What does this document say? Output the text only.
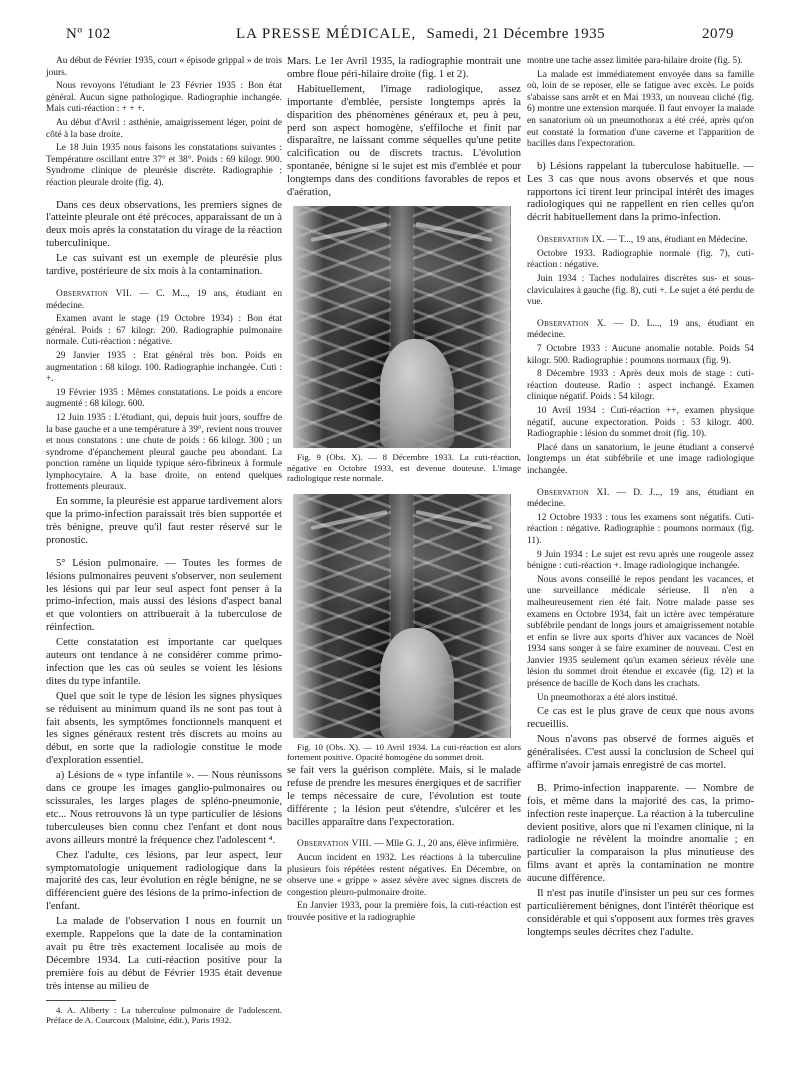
Nº 102	LA PRESSE MÉDICALE, Samedi, 21 Décembre 1935	2079

Au début de Février 1935, court « épisode grippal » de trois jours.

Nous revoyons l'étudiant le 23 Février 1935 : Bon état général. Aucun signe pathologique. Radiographie inchangée. Mais cuti-réaction : + + +.

Au début d'Avril : asthénie, amaigrissement léger, point de côté à la base droite.

Le 18 Juin 1935 nous faisons les constatations suivantes : Température oscillant entre 37° et 38°. Poids : 69 kilogr. 900. Syndrome clinique de pleurésie discrète. Radiographie : réaction pleurale droite (fig. 4).

Dans ces deux observations, les premiers signes de l'atteinte pleurale ont été précoces, apparaissant de un à deux mois après la constatation du virage de la réaction tuberculinique.

Le cas suivant est un exemple de pleurésie plus tardive, postérieure de six mois à la contamination.

Observation VII. — C. M..., 19 ans, étudiant en médecine.

Examen avant le stage (19 Octobre 1934) : Bon état général. Poids : 67 kilogr. 200. Radiographie pulmonaire normale. Cuti-réaction : négative.

29 Janvier 1935 : Etat général très bon. Poids en augmentation : 68 kilogr. 100. Radiographie inchangée. Cuti : +.

19 Février 1935 : Mêmes constatations. Le poids a encore augmenté : 68 kilogr. 600.

12 Juin 1935 : L'étudiant, qui, depuis huit jours, souffre de la base gauche et a une température à 39°, revient nous trouver et nous constatons : une chute de poids : 66 kilogr. 300 ; un syndrome d'épanchement pleural gauche peu abondant. La ponction ramène un liquide typique séro-fibrineux à formule lymphocytaire. A la base droite, on entend quelques frottements pleuraux.

En somme, la pleurésie est apparue tardivement alors que la primo-infection paraissait très bien supportée et très bénigne, preuve qu'il faut rester réservé sur le pronostic.

5° Lésion pulmonaire. — Toutes les formes de lésions pulmonaires peuvent s'observer, non seulement les lésions qui par leur seul aspect font penser à la primo-infection, mais aussi des lésions d'aspect banal et que volontiers on attribuerait à la tuberculose de réinfection.

Cette constatation est importante car quelques auteurs ont tendance à ne considérer comme primo-infection que les cas où seules se voient les lésions dites du type infantile.

Quel que soit le type de lésion les signes physiques se réduisent au minimum quand ils ne sont pas tout à fait absents, les symptômes fonctionnels manquent et les signes généraux restent très discrets au moins au début, en sorte que la radiologie constitue le mode d'exploration essentiel.

a) Lésions de « type infantile ». — Nous réunissons dans ce groupe les images ganglio-pulmonaires ou scissurales, les larges plages de spléno-pneumonie, etc... Nous retrouvons là un type particulier de lésions tuberculeuses bien connu chez l'enfant et dont nous avons ailleurs montré la fréquence chez l'adolescent ⁴.

Chez l'adulte, ces lésions, par leur aspect, leur symptomatologie uniquement radiologique dans la majorité des cas, leur évolution en règle bénigne, ne se différencient guère des lésions de la primo-infection de l'enfant.

La malade de l'observation I nous en fournit un exemple. Rappelons que la date de la contamination avait pu être très exactement localisée au mois de Décembre 1934. La cuti-réaction positive pour la première fois au début de Février 1935 était devenue très intense au milieu de

4. A. Aliberty : La tuberculose pulmonaire de l'adolescent. Préface de A. Courcoux (Maloine, édit.), Paris 1932.

Mars. Le 1er Avril 1935, la radiographie montrait une ombre floue péri-hilaire droite (fig. 1 et 2).

Habituellement, l'image radiologique, assez importante d'emblée, persiste longtemps après la disparition des phénomènes généraux et, peu à peu, perd son aspect homogène, s'effiloche et finit par disparaître, ne laissant comme séquelles qu'une petite calcification ou de discrets tractus. L'évolution spontanée, bénigne si le sujet est mis d'emblée et pour longtemps dans des conditions favorables de repos et d'aération,

Fig. 9 (Obs. X). — 8 Décembre 1933. La cuti-réaction, négative en Octobre 1933, est devenue douteuse. L'image radiologique reste normale.

Fig. 10 (Obs. X). — 10 Avril 1934. La cuti-réaction est alors fortement positive. Opacité homogène du sommet droit.

se fait vers la guérison complète. Mais, si le malade refuse de prendre les mesures énergiques et de sacrifier le temps nécessaire de cure, l'évolution est toute différente ; la lésion peut s'étendre, s'ulcérer et les bacilles apparaître dans l'expectoration.

Observation VIII. — Mlle G. J., 20 ans, élève infirmière.

Aucun incident en 1932. Les réactions à la tuberculine plusieurs fois répétées restent négatives. En Décembre, on observe une « grippe » assez sévère avec signes discrets de congestion pleuro-pulmonaire droite.

En Janvier 1933, pour la première fois, la cuti-réaction est trouvée positive et la radiographie

montre une tache assez limitée para-hilaire droite (fig. 5).

La malade est immédiatement envoyée dans sa famille où, loin de se reposer, elle se fatigue avec excès. Le poids s'abaisse sans arrêt et en Mai 1933, un nouveau cliché (fig. 6) montre une extension marquée. Il faut envoyer la malade en sanatorium où un pneumothorax a été créé, après qu'on eut constaté la formation d'une caverne et l'apparition de bacilles dans l'expectoration.

b) Lésions rappelant la tuberculose habituelle. — Les 3 cas que nous avons observés et que nous rapportons ici tirent leur principal intérêt des images radiologiques qui ne rappellent en rien celles qu'on décrit habituellement dans la primo-infection.

Observation IX. — T..., 19 ans, étudiant en Médecine.

Octobre 1933. Radiographie normale (fig. 7), cuti-réaction : négative.

Juin 1934 : Taches nodulaires discrètes sus- et sous-claviculaires à gauche (fig. 8), cuti +. Le sujet a été perdu de vue.

Observation X. — D. L..., 19 ans, étudiant en médecine.

7 Octobre 1933 : Aucune anomalie notable. Poids 54 kilogr. 500. Radiographie : poumons normaux (fig. 9).

8 Décembre 1933 : Après deux mois de stage : cuti-réaction douteuse. Radio : aspect inchangé. Examen clinique négatif. Poids : 54 kilogr.

10 Avril 1934 : Cuti-réaction ++, examen physique négatif, aucune expectoration. Poids : 53 kilogr. 400. Radiographie : lésion du sommet droit (fig. 10).

Placé dans un sanatorium, le jeune étudiant a conservé longtemps un état subfébrile et une image radiologique inchangée.

Observation XI. — D. J..., 19 ans, étudiant en médecine.

12 Octobre 1933 : tous les examens sont négatifs. Cuti-réaction : négative. Radiographie : poumons normaux (fig. 11).

9 Juin 1934 : Le sujet est revu après une rougeole assez bénigne : cuti-réaction +. Image radiologique inchangée.

Nous avons conseillé le repos pendant les vacances, et une surveillance médicale sérieuse. Il n'en a malheureusement rien été fait. Notre malade passe ses examens en Octobre 1934, fait un ictère avec température subfébrile pendant de longs jours et amaigrissement notable et enfin se livre aux sports d'hiver aux vacances de Noël 1934 sans songer à se faire examiner de nouveau. C'est en Janvier 1935 seulement qu'un examen sérieux révèle une lésion du sommet droit étendue et excavée (fig. 12) et la présence de bacille de Koch dans les crachats.

Un pneumothorax a été alors institué.

Ce cas est le plus grave de ceux que nous avons recueillis.

Nous n'avons pas observé de formes aiguës et généralisées. C'est aussi la conclusion de Scheel qui affirme n'avoir jamais enregistré de cas mortel.

B. Primo-infection inapparente. — Nombre de fois, et même dans la majorité des cas, la primo-infection reste inaperçue. La réaction à la tuberculine devient positive, alors que ni l'examen clinique, ni la radiologie ne révèlent la moindre anomalie ; en particulier la comparaison la plus minutieuse des films avant et après la contamination ne montre aucune différence.

Il n'est pas inutile d'insister un peu sur ces formes particulièrement bénignes, dont l'intérêt théorique est considérable et qui s'opposent aux formes très graves longtemps seules décrites chez l'adulte.
